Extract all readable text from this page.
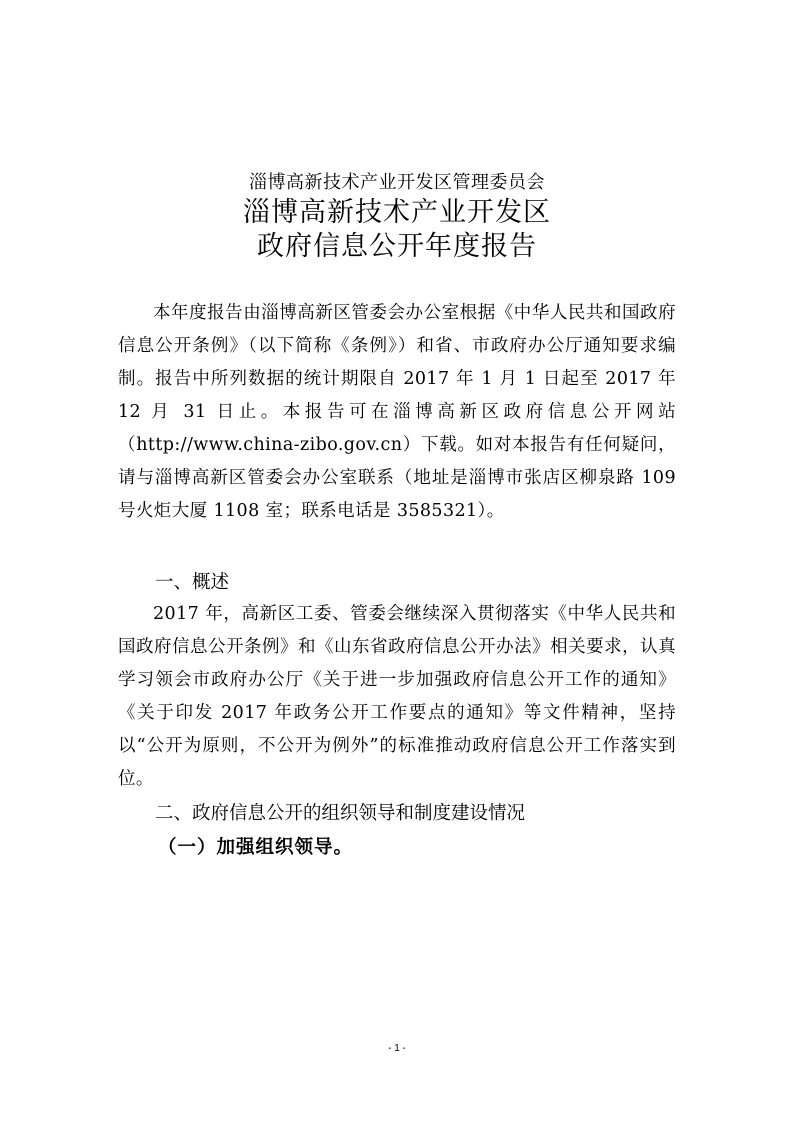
淄博高新技术产业开发区管理委员会
淄博高新技术产业开发区
政府信息公开年度报告
本年度报告由淄博高新区管委会办公室根据《中华人民共和国政府信息公开条例》（以下简称《条例》）和省、市政府办公厅通知要求编制。报告中所列数据的统计期限自 2017 年 1 月 1 日起至 2017 年 12 月 31 日止。本报告可在淄博高新区政府信息公开网站（http://www.china-zibo.gov.cn）下载。如对本报告有任何疑问，请与淄博高新区管委会办公室联系（地址是淄博市张店区柳泉路 109 号火炬大厦 1108 室；联系电话是 3585321）。
一、概述
2017 年，高新区工委、管委会继续深入贯彻落实《中华人民共和国政府信息公开条例》和《山东省政府信息公开办法》相关要求，认真学习领会市政府办公厅《关于进一步加强政府信息公开工作的通知》《关于印发 2017 年政务公开工作要点的通知》等文件精神，坚持以“公开为原则，不公开为例外”的标准推动政府信息公开工作落实到位。
二、政府信息公开的组织领导和制度建设情况
（一）加强组织领导。
- 1 -
